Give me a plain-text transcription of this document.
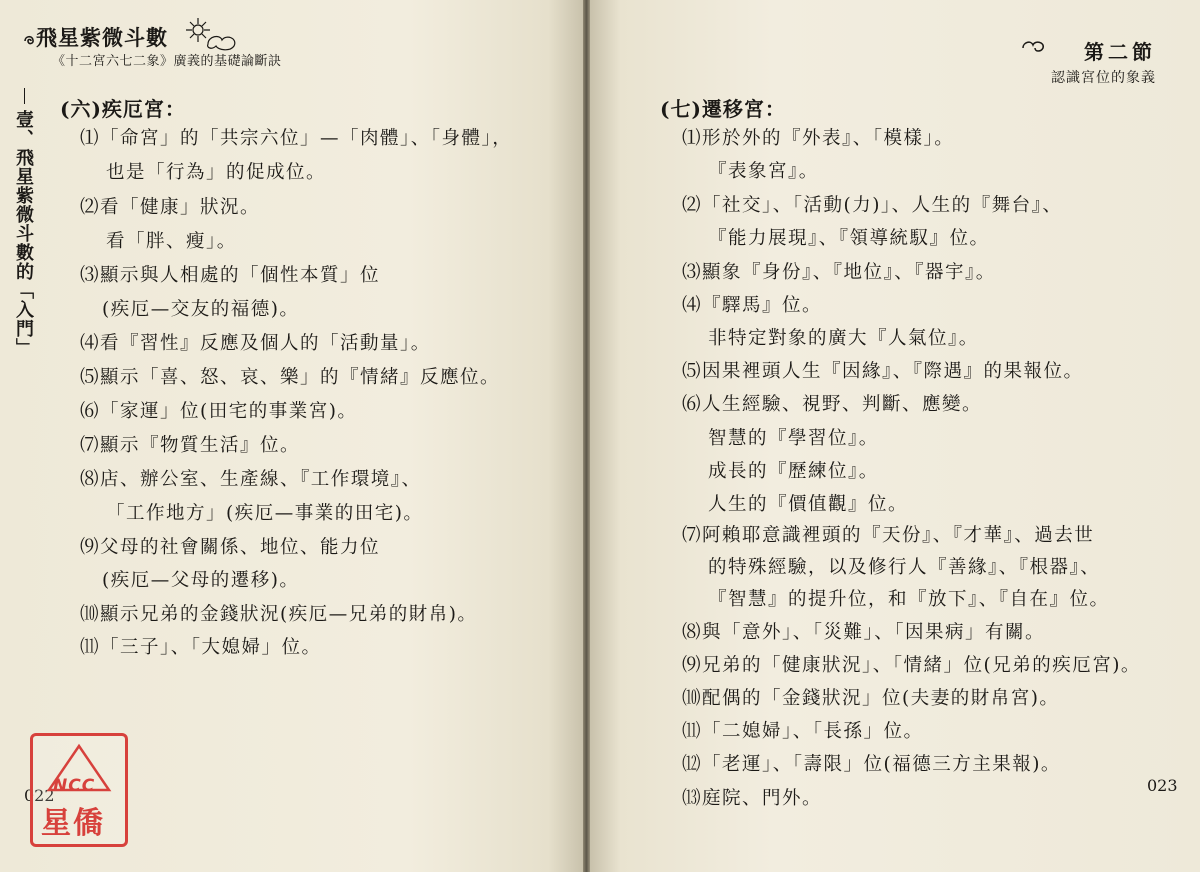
飛星紫微斗數
《十二宮六七二象》廣義的基礎論斷訣
壹、飛星紫微斗數的「入門」
(六)疾厄宮：
⑴「命宮」的「共宗六位」—「肉體」、「身體」，
也是「行為」的促成位。
⑵看「健康」狀況。
看「胖、瘦」。
⑶顯示與人相處的「個性本質」位
(疾厄—交友的福德)。
⑷看『習性』反應及個人的「活動量」。
⑸顯示「喜、怒、哀、樂」的『情緒』反應位。
⑹「家運」位(田宅的事業宮)。
⑺顯示『物質生活』位。
⑻店、辦公室、生產線、『工作環境』、
「工作地方」(疾厄—事業的田宅)。
⑼父母的社會關係、地位、能力位
(疾厄—父母的遷移)。
⑽顯示兄弟的金錢狀況(疾厄—兄弟的財帛)。
⑾「三子」、「大媳婦」位。
022
NCC
星僑
第二節
認識宮位的象義
(七)遷移宮：
⑴形於外的『外表』、「模樣」。
『表象宮』。
⑵「社交」、「活動(力)」、人生的『舞台』、
『能力展現』、『領導統馭』位。
⑶顯象『身份』、『地位』、『器宇』。
⑷『驛馬』位。
非特定對象的廣大『人氣位』。
⑸因果裡頭人生『因緣』、『際遇』的果報位。
⑹人生經驗、視野、判斷、應變。
智慧的『學習位』。
成長的『歷練位』。
人生的『價值觀』位。
⑺阿賴耶意識裡頭的『天份』、『才華』、過去世
的特殊經驗，以及修行人『善緣』、『根器』、
『智慧』的提升位，和『放下』、『自在』位。
⑻與「意外」、「災難」、「因果病」有關。
⑼兄弟的「健康狀況」、「情緒」位(兄弟的疾厄宮)。
⑽配偶的「金錢狀況」位(夫妻的財帛宮)。
⑾「二媳婦」、「長孫」位。
⑿「老運」、「壽限」位(福德三方主果報)。
⒀庭院、門外。
023
